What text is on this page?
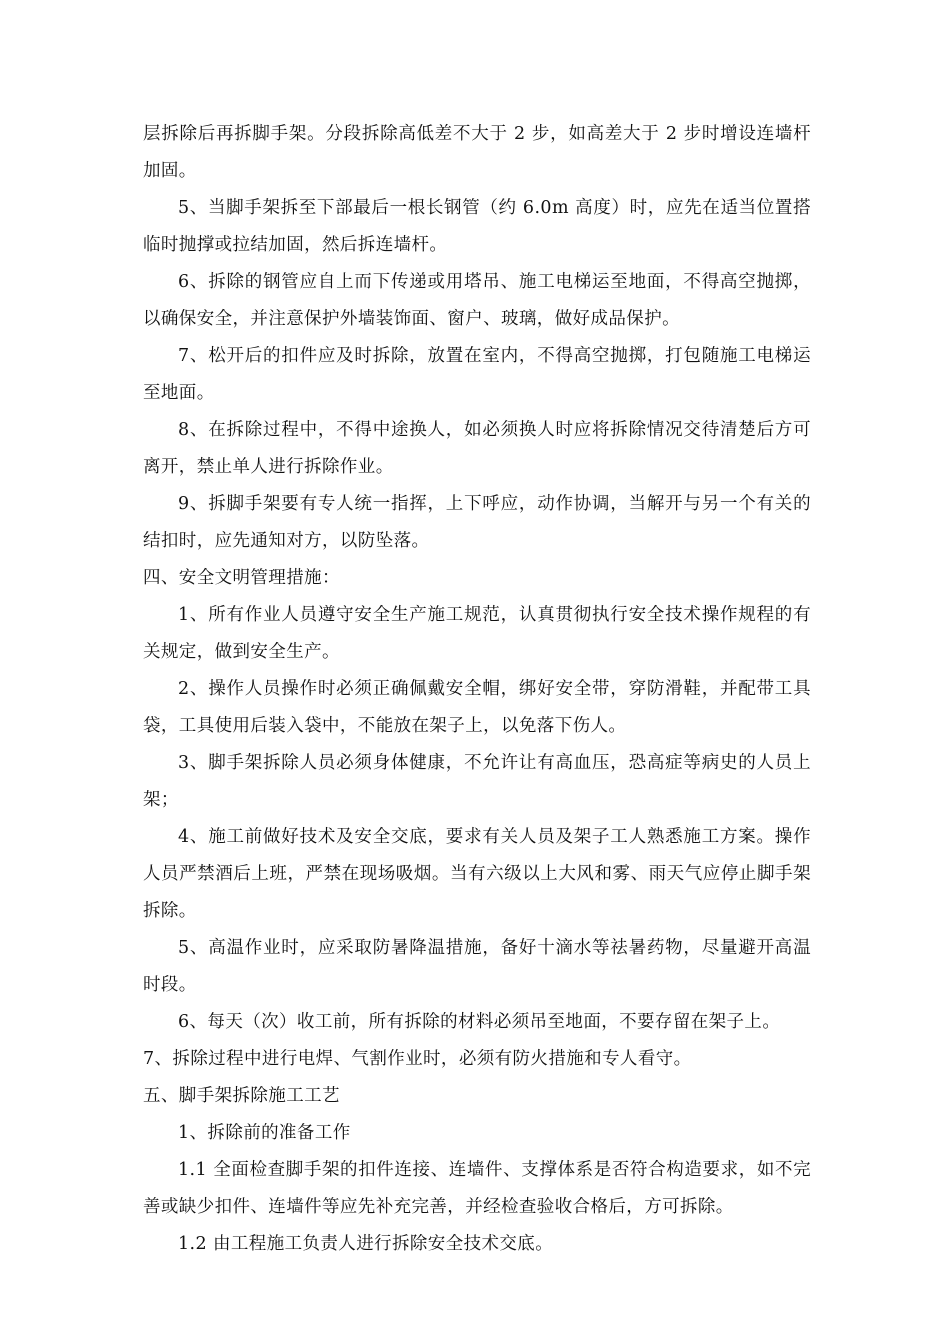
层拆除后再拆脚手架。分段拆除高低差不大于 2 步，如高差大于 2 步时增设连墙杆加固。

5、当脚手架拆至下部最后一根长钢管（约 6.0m 高度）时，应先在适当位置搭临时抛撑或拉结加固，然后拆连墙杆。

6、拆除的钢管应自上而下传递或用塔吊、施工电梯运至地面，不得高空抛掷，以确保安全，并注意保护外墙装饰面、窗户、玻璃，做好成品保护。

7、松开后的扣件应及时拆除，放置在室内，不得高空抛掷，打包随施工电梯运至地面。

8、在拆除过程中，不得中途换人，如必须换人时应将拆除情况交待清楚后方可离开，禁止单人进行拆除作业。

9、拆脚手架要有专人统一指挥，上下呼应，动作协调，当解开与另一个有关的结扣时，应先通知对方，以防坠落。

四、安全文明管理措施：

1、所有作业人员遵守安全生产施工规范，认真贯彻执行安全技术操作规程的有关规定，做到安全生产。

2、操作人员操作时必须正确佩戴安全帽，绑好安全带，穿防滑鞋，并配带工具袋，工具使用后装入袋中，不能放在架子上，以免落下伤人。

3、脚手架拆除人员必须身体健康，不允许让有高血压，恐高症等病史的人员上架；

4、施工前做好技术及安全交底，要求有关人员及架子工人熟悉施工方案。操作人员严禁酒后上班，严禁在现场吸烟。当有六级以上大风和雾、雨天气应停止脚手架拆除。

5、高温作业时，应采取防暑降温措施，备好十滴水等祛暑药物，尽量避开高温时段。

6、每天（次）收工前，所有拆除的材料必须吊至地面，不要存留在架子上。

7、拆除过程中进行电焊、气割作业时，必须有防火措施和专人看守。

五、脚手架拆除施工工艺

1、拆除前的准备工作

1.1 全面检查脚手架的扣件连接、连墙件、支撑体系是否符合构造要求，如不完善或缺少扣件、连墙件等应先补充完善，并经检查验收合格后，方可拆除。

1.2 由工程施工负责人进行拆除安全技术交底。
